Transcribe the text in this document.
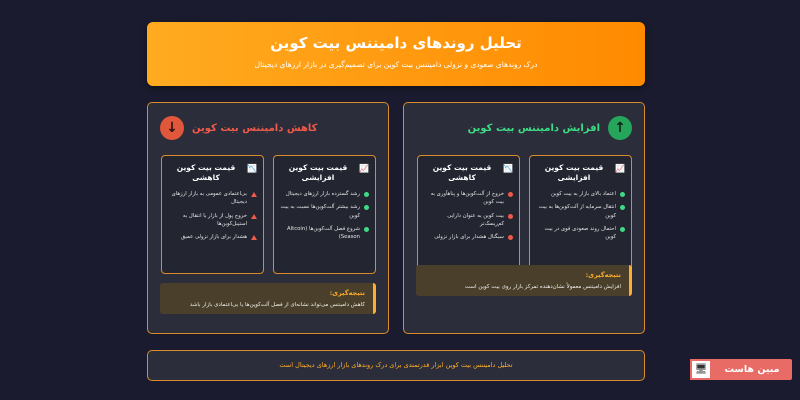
تحلیل روندهای دامیننس بیت کوین

درک روندهای صعودی و نزولی دامیننس بیت کوین برای تصمیم‌گیری در بازار ارزهای دیجیتال

↑
افزایش دامیننس بیت کوین
📈
قیمت بیت کوین افزایشی
اعتماد بالای بازار به بیت کوین
انتقال سرمایه از آلت‌کوین‌ها به بیت کوین
احتمال روند صعودی قوی در بیت کوین
📉
قیمت بیت کوین کاهشی
خروج از آلت‌کوین‌ها و پناهآوری به بیت کوین
بیت کوین به عنوان دارایی کم‌ریسک‌تر
سیگنال هشدار برای بازار نزولی
نتیجه‌گیری:

افزایش دامیننس معمولاً نشان‌دهنده تمرکز بازار روی بیت کوین است

↓	کاهش دامیننس بیت کوین
📈
قیمت بیت کوین افزایشی
رشد گسترده بازار ارزهای دیجیتال
رشد بیشتر آلت‌کوین‌ها نسبت به بیت کوین
شروع فصل آلت‌کوین‌ها (Altcoin Season)
📉
قیمت بیت کوین کاهشی
بی‌اعتمادی عمومی به بازار ارزهای دیجیتال
خروج پول از بازار یا انتقال به استیبل‌کوین‌ها
هشدار برای بازار نزولی عمیق
نتیجه‌گیری:

کاهش دامیننس می‌تواند نشانه‌ای از فصل آلت‌کوین‌ها یا بی‌اعتمادی بازار باشد

تحلیل دامیننس بیت کوین ابزار قدرتمندی برای درک روندهای بازار ارزهای دیجیتال است	🖥	مبین هاست
